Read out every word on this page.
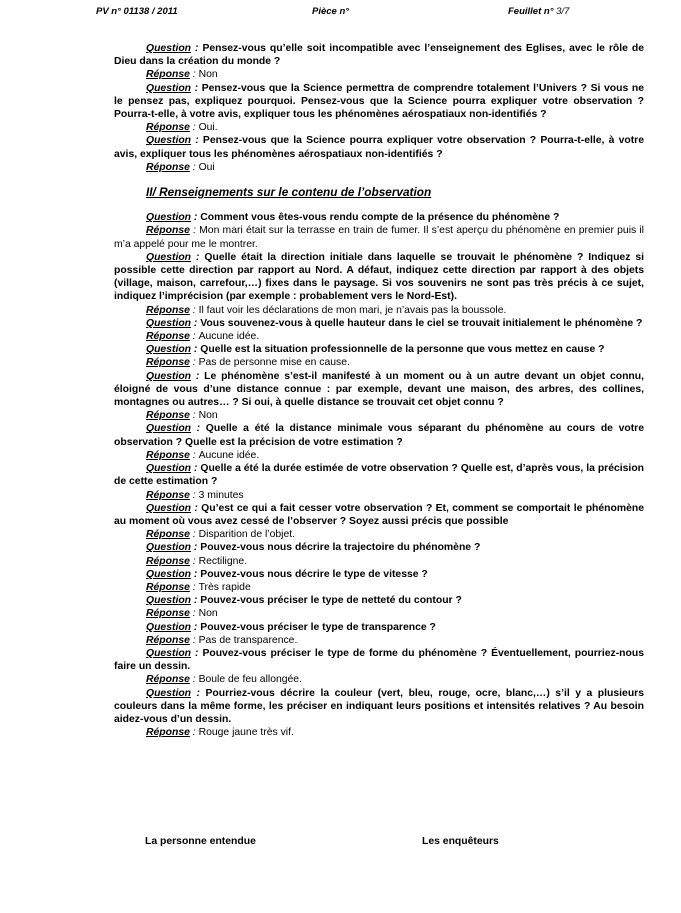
PV n° 01138 / 2011	Pièce n°	Feuillet n° 3/7

Question : Pensez-vous qu’elle soit incompatible avec l’enseignement des Eglises, avec le rôle de Dieu dans la création du monde ?

Réponse : Non

Question : Pensez-vous que la Science permettra de comprendre totalement l’Univers ? Si vous ne le pensez pas, expliquez pourquoi. Pensez-vous que la Science pourra expliquer votre observation ? Pourra-t-elle, à votre avis, expliquer tous les phénomènes aérospatiaux non-identifiés ?

Réponse : Oui.

Question : Pensez-vous que la Science pourra expliquer votre observation ? Pourra-t-elle, à votre avis, expliquer tous les phénomènes aérospatiaux non-identifiés ?

Réponse : Oui

II/ Renseignements sur le contenu de l’observation

Question : Comment vous êtes-vous rendu compte de la présence du phénomène ?

Réponse : Mon mari était sur la terrasse en train de fumer. Il s’est aperçu du phénomène en premier puis il m’a appelé pour me le montrer.

Question : Quelle était la direction initiale dans laquelle se trouvait le phénomène ? Indiquez si possible cette direction par rapport au Nord. A défaut, indiquez cette direction par rapport à des objets (village, maison, carrefour,…) fixes dans le paysage. Si vos souvenirs ne sont pas très précis à ce sujet, indiquez l’imprécision (par exemple : probablement vers le Nord-Est).

Réponse : Il faut voir les déclarations de mon mari, je n’avais pas la boussole.

Question : Vous souvenez-vous à quelle hauteur dans le ciel se trouvait initialement le phénomène ?

Réponse : Aucune idée.

Question : Quelle est la situation professionnelle de la personne que vous mettez en cause ?

Réponse : Pas de personne mise en cause.

Question : Le phénomène s’est-il manifesté à un moment ou à un autre devant un objet connu, éloigné de vous d’une distance connue : par exemple, devant une maison, des arbres, des collines, montagnes ou autres… ? Si oui, à quelle distance se trouvait cet objet connu ?

Réponse : Non

Question : Quelle a été la distance minimale vous séparant du phénomène au cours de votre observation ? Quelle est la précision de votre estimation ?

Réponse : Aucune idée.

Question : Quelle a été la durée estimée de votre observation ? Quelle est, d’après vous, la précision de cette estimation ?

Réponse : 3 minutes

Question : Qu’est ce qui a fait cesser votre observation ? Et, comment se comportait le phénomène au moment où vous avez cessé de l’observer ? Soyez aussi précis que possible

Réponse : Disparition de l’objet.

Question : Pouvez-vous nous décrire la trajectoire du phénomène ?

Réponse : Rectiligne.

Question : Pouvez-vous nous décrire le type de vitesse ?

Réponse : Très rapide

Question : Pouvez-vous préciser le type de netteté du contour ?

Réponse : Non

Question : Pouvez-vous préciser le type de transparence ?

Réponse : Pas de transparence.

Question : Pouvez-vous préciser le type de forme du phénomène ? Éventuellement, pourriez-nous faire un dessin.

Réponse : Boule de feu allongée.

Question : Pourriez-vous décrire la couleur (vert, bleu, rouge, ocre, blanc,…) s’il y a plusieurs couleurs dans la même forme, les préciser en indiquant leurs positions et intensités relatives ? Au besoin aidez-vous d’un dessin.

Réponse : Rouge jaune très vif.

La personne entendue	Les enquêteurs
